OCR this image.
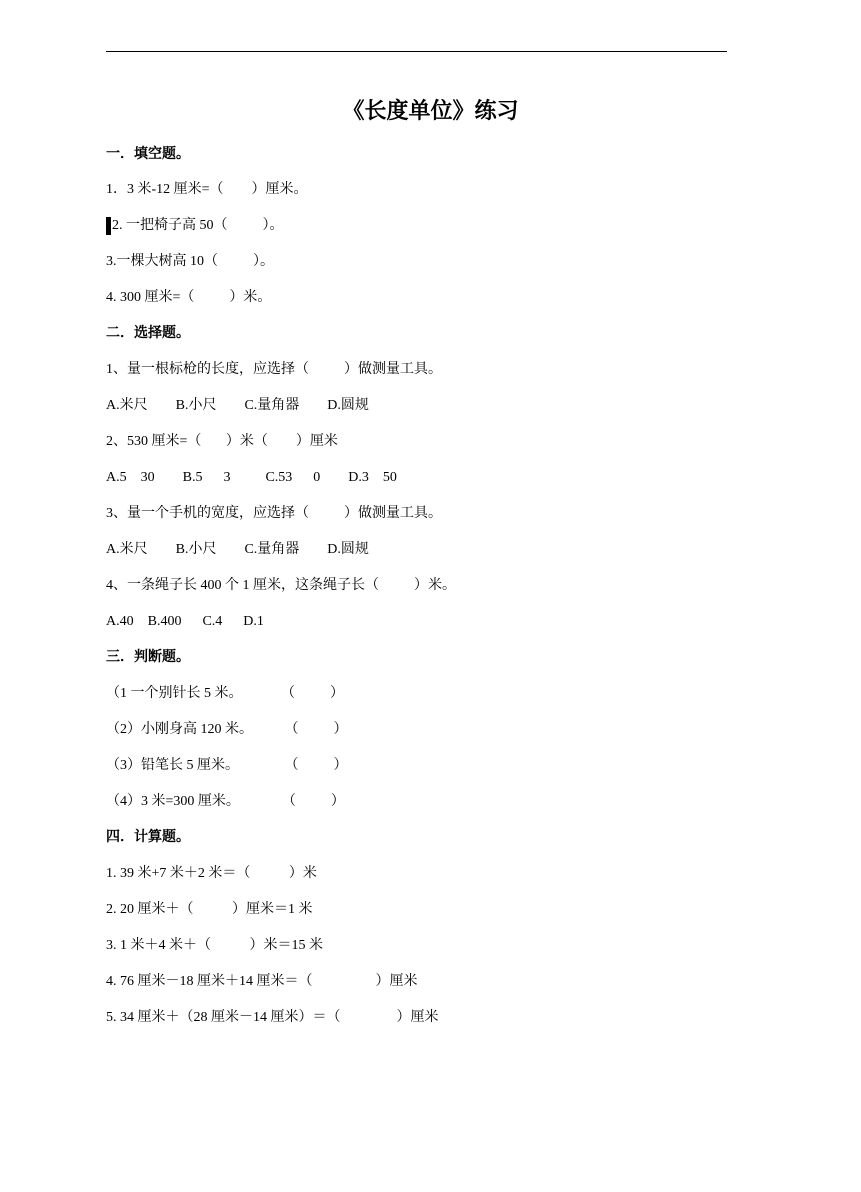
《长度单位》练习
一．填空题。
1．3 米-12 厘米=（        ）厘米。
2. 一把椅子高 50（          ）。
3.一棵大树高 10（          ）。
4. 300 厘米=（          ）米。
二．选择题。
1、量一根标枪的长度，应选择（          ）做测量工具。
A.米尺        B.小尺        C.量角器        D.圆规
2、530 厘米=（       ）米（        ）厘米
A.5    30        B.5      3          C.53      0        D.3    50
3、量一个手机的宽度，应选择（          ）做测量工具。
A.米尺        B.小尺        C.量角器        D.圆规
4、一条绳子长 400 个 1 厘米，这条绳子长（          ）米。
A.40    B.400      C.4      D.1
三．判断题。
（1 一个别针长 5 米。           （          ）
（2）小刚身高 120 米。         （          ）
（3）铅笔长 5 厘米。             （          ）
（4）3 米=300 厘米。            （          ）
四．计算题。
1. 39 米+7 米＋2 米＝（           ）米
2. 20 厘米＋（           ）厘米＝1 米
3. 1 米＋4 米＋（           ）米＝15 米
4. 76 厘米－18 厘米＋14 厘米＝（                  ）厘米
5. 34 厘米＋（28 厘米－14 厘米）＝（                ）厘米
